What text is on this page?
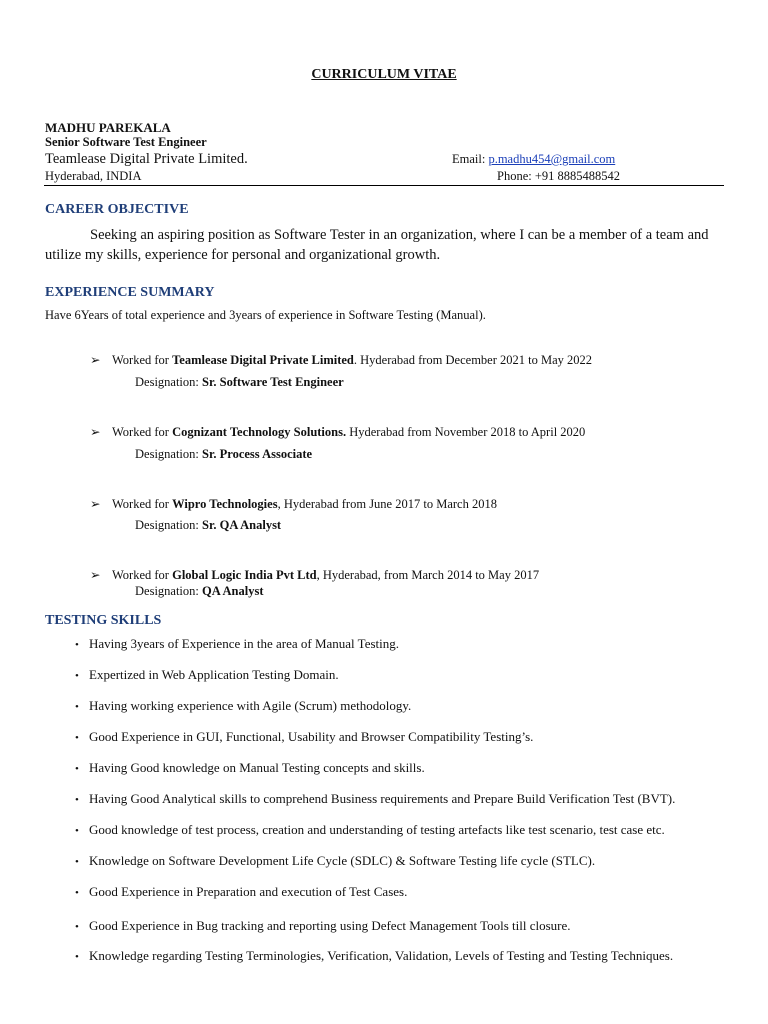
CURRICULUM VITAE
MADHU PAREKALA
Senior Software Test Engineer
Teamlease Digital Private Limited.
Hyderabad, INDIA
Email: p.madhu454@gmail.com
Phone: +91 8885488542
CAREER OBJECTIVE
Seeking an aspiring position as Software Tester in an organization, where I can be a member of a team and utilize my skills, experience for personal and organizational growth.
EXPERIENCE SUMMARY
Have 6Years of total experience and 3years of experience in Software Testing (Manual).
➢ Worked for Teamlease Digital Private Limited. Hyderabad from December 2021 to May 2022
Designation: Sr. Software Test Engineer
➢ Worked for Cognizant Technology Solutions. Hyderabad from November 2018 to April 2020
Designation: Sr. Process Associate
➢ Worked for Wipro Technologies, Hyderabad from June 2017 to March 2018
Designation: Sr. QA Analyst
➢ Worked for Global Logic India Pvt Ltd, Hyderabad, from March 2014 to May 2017
Designation: QA Analyst
TESTING SKILLS
• Having 3years of Experience in the area of Manual Testing.
• Expertized in Web Application Testing Domain.
• Having working experience with Agile (Scrum) methodology.
• Good Experience in GUI, Functional, Usability and Browser Compatibility Testing’s.
• Having Good knowledge on Manual Testing concepts and skills.
• Having Good Analytical skills to comprehend Business requirements and Prepare Build Verification Test (BVT).
• Good knowledge of test process, creation and understanding of testing artefacts like test scenario, test case etc.
• Knowledge on Software Development Life Cycle (SDLC) & Software Testing life cycle (STLC).
• Good Experience in Preparation and execution of Test Cases.
• Good Experience in Bug tracking and reporting using Defect Management Tools till closure.
• Knowledge regarding Testing Terminologies, Verification, Validation, Levels of Testing and Testing Techniques.
